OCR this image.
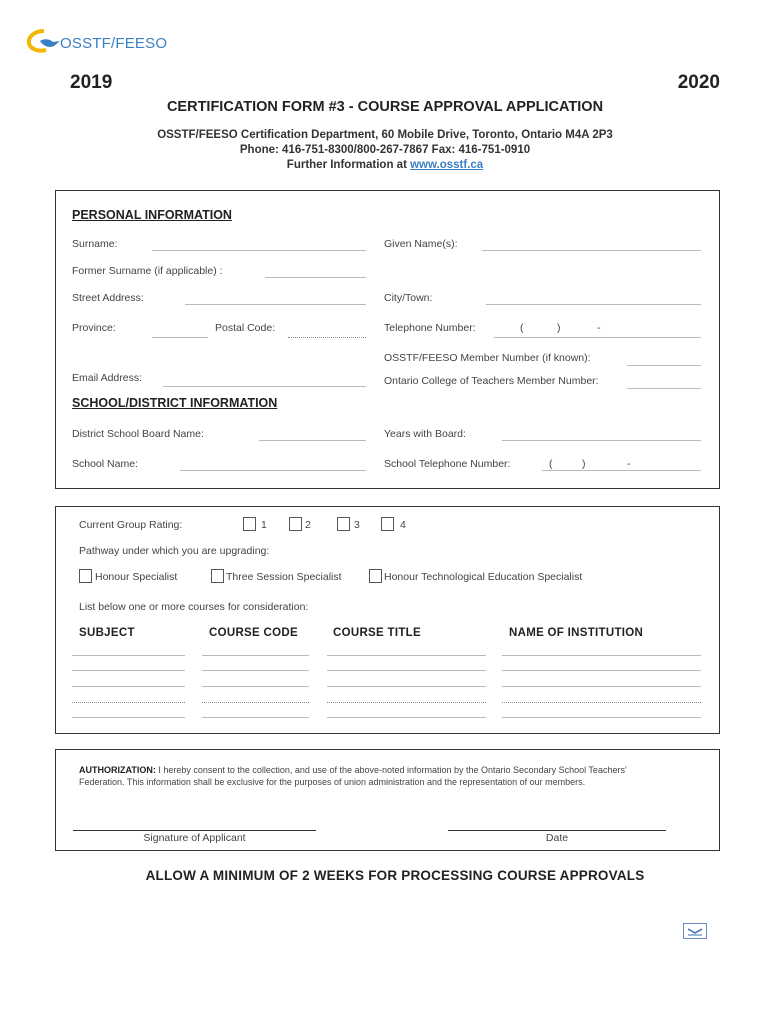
OSSTF/FEESO
2019	2020
CERTIFICATION FORM #3 - COURSE APPROVAL APPLICATION
OSSTF/FEESO Certification Department, 60 Mobile Drive, Toronto, Ontario M4A 2P3
Phone: 416-751-8300/800-267-7867 Fax: 416-751-0910
Further Information at www.osstf.ca
PERSONAL INFORMATION
Surname:	Given Name(s):
Former Surname (if applicable) :
Street Address:	City/Town:
Province:	Postal Code:	Telephone Number:	(	)	-
OSSTF/FEESO Member Number (if known):
Email Address:	Ontario College of Teachers Member Number:
SCHOOL/DISTRICT INFORMATION
District School Board Name:	Years with Board:
School Name:	School Telephone Number:	(	)	-
Current Group Rating:	1	2	3	4
Pathway under which you are upgrading:
Honour Specialist	Three Session Specialist	Honour Technological Education Specialist
List below one or more courses for consideration:
SUBJECT	COURSE CODE	COURSE TITLE	NAME OF INSTITUTION
AUTHORIZATION: I hereby consent to the collection, and use of the above-noted information by the Ontario Secondary School Teachers' Federation. This information shall be exclusive for the purposes of union administration and the representation of our members.
Signature of Applicant	Date
ALLOW A MINIMUM OF 2 WEEKS FOR PROCESSING COURSE APPROVALS
